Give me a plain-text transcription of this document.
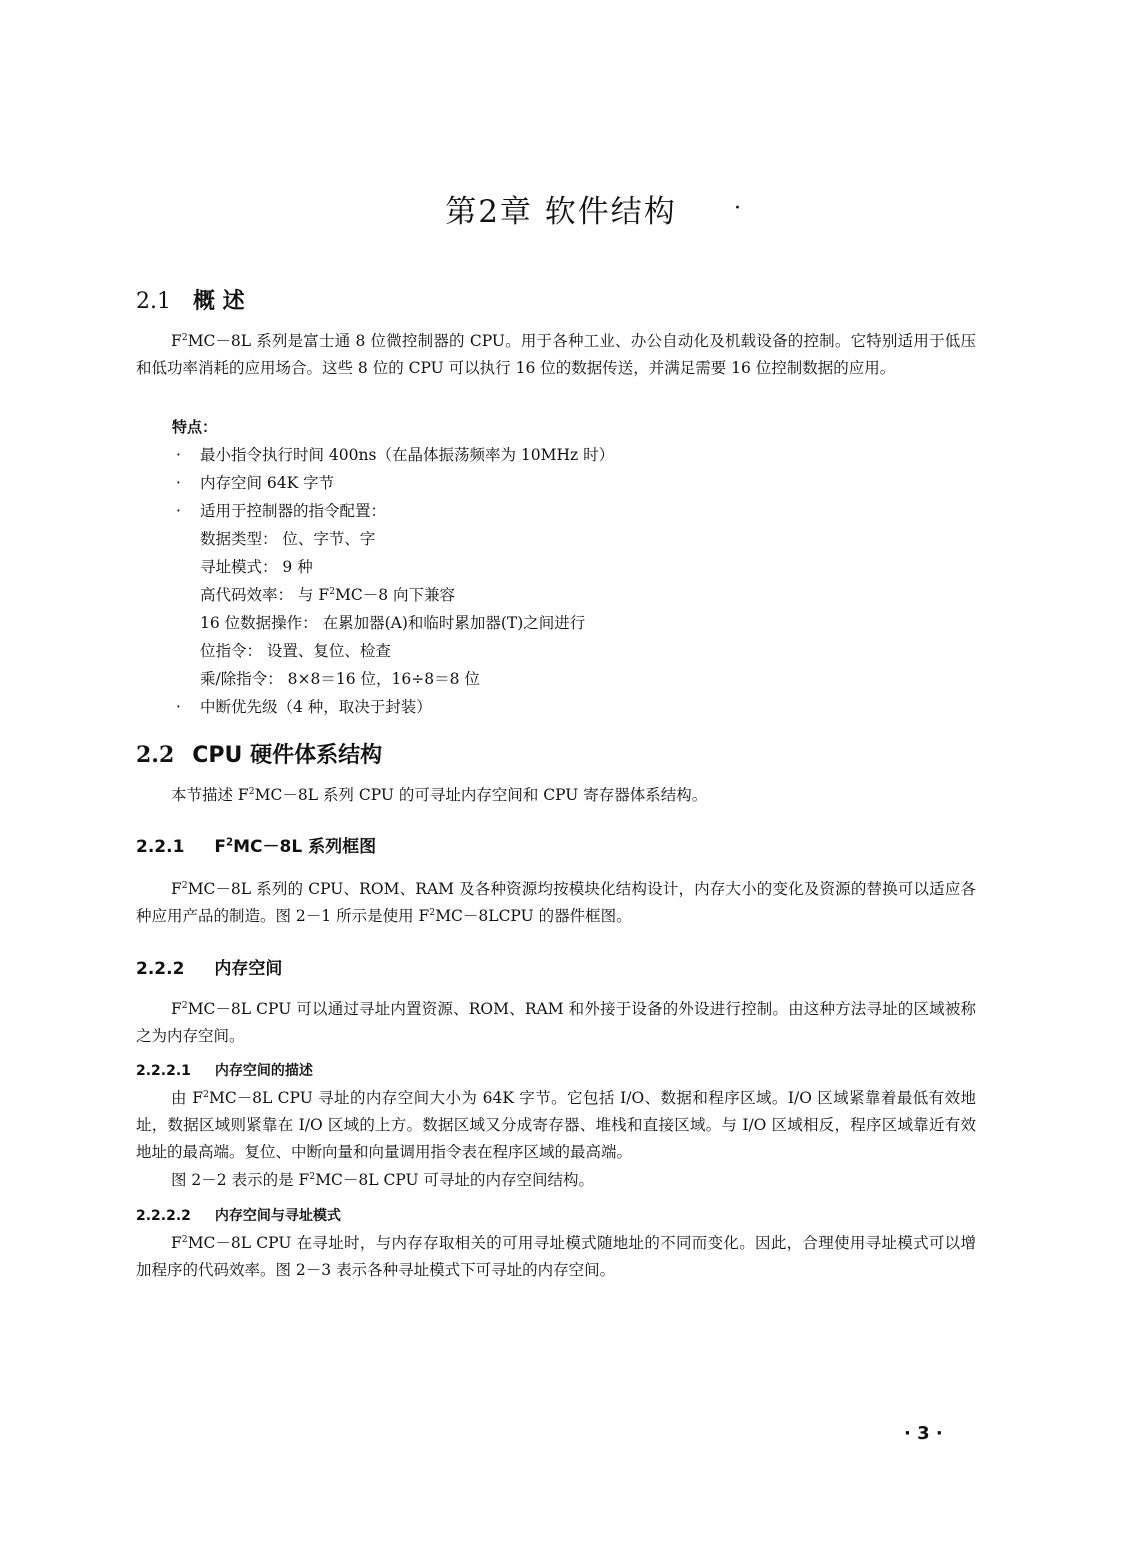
第2章 软件结构	·
2.1 概 述
$F^2MC-8L$ 系列是富士通 8 位微控制器的 CPU。用于各种工业、办公自动化及机载设备的控制。它特别适用于低压和低功率消耗的应用场合。这些 8 位的 CPU 可以执行 16 位的数据传送，并满足需要 16 位控制数据的应用。
特点：
· 最小指令执行时间 400ns（在晶体振荡频率为 10MHz 时）
· 内存空间 64K 字节
· 适用于控制器的指令配置：
数据类型： 位、字节、字
寻址模式： 9 种
高代码效率： 与 $F^2MC-8$ 向下兼容
16 位数据操作： 在累加器(A)和临时累加器(T)之间进行
位指令： 设置、复位、检查
乘/除指令： 8×8＝16 位，16÷8＝8 位
· 中断优先级（4 种，取决于封装）
2.2 CPU 硬件体系结构
本节描述 $F^2MC-8L$ 系列 CPU 的可寻址内存空间和 CPU 寄存器体系结构。
2.2.1 $F^2MC-8L$ 系列框图
$F^2MC-8L$ 系列的 CPU、ROM、RAM 及各种资源均按模块化结构设计，内存大小的变化及资源的替换可以适应各种应用产品的制造。图 2－1 所示是使用 $F^2MC-8LCPU$ 的器件框图。
2.2.2 内存空间
$F^2MC-8L$ CPU 可以通过寻址内置资源、ROM、RAM 和外接于设备的外设进行控制。由这种方法寻址的区域被称之为内存空间。
2.2.2.1 内存空间的描述
由 $F^2MC-8L$ CPU 寻址的内存空间大小为 64K 字节。它包括 I/O、数据和程序区域。I/O 区域紧靠着最低有效地址，数据区域则紧靠在 I/O 区域的上方。数据区域又分成寄存器、堆栈和直接区域。与 I/O 区域相反，程序区域靠近有效地址的最高端。复位、中断向量和向量调用指令表在程序区域的最高端。
图 2－2 表示的是 $F^2MC-8L$ CPU 可寻址的内存空间结构。
2.2.2.2 内存空间与寻址模式
$F^2MC-8L$ CPU 在寻址时，与内存存取相关的可用寻址模式随地址的不同而变化。因此，合理使用寻址模式可以增加程序的代码效率。图 2－3 表示各种寻址模式下可寻址的内存空间。
· 3 ·
